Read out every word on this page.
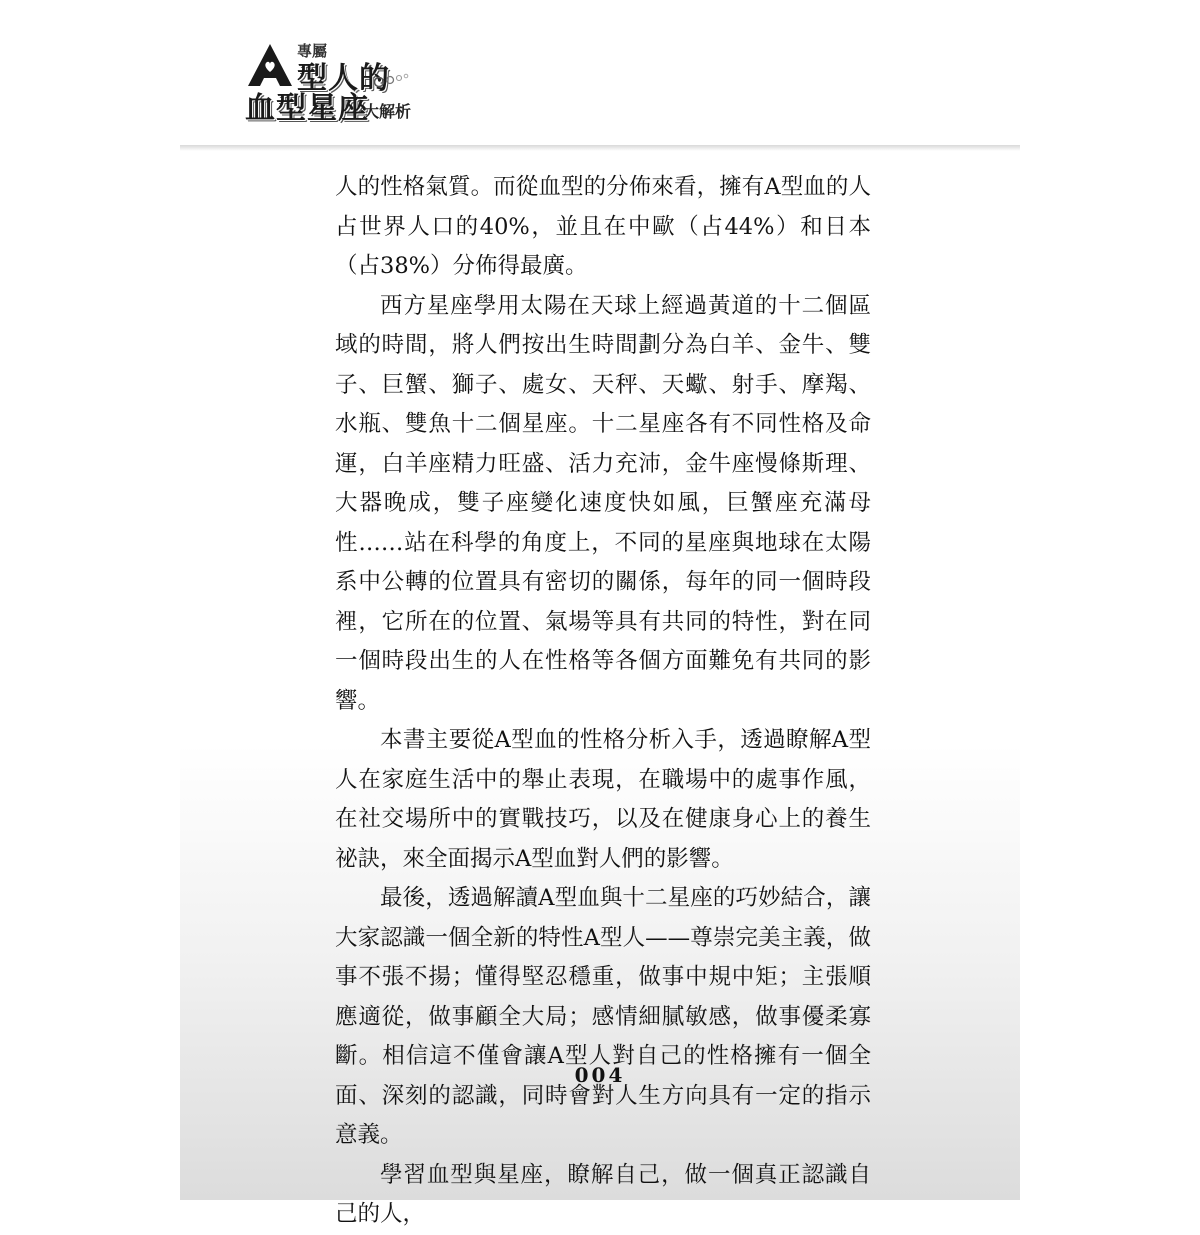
專屬
型人的
血型星座
大解析

人的性格氣質。而從血型的分佈來看，擁有A型血的人占世界人口的40%，並且在中歐（占44%）和日本（占38%）分佈得最廣。

西方星座學用太陽在天球上經過黃道的十二個區域的時間，將人們按出生時間劃分為白羊、金牛、雙子、巨蟹、獅子、處女、天秤、天蠍、射手、摩羯、水瓶、雙魚十二個星座。十二星座各有不同性格及命運，白羊座精力旺盛、活力充沛，金牛座慢條斯理、大器晚成，雙子座變化速度快如風，巨蟹座充滿母性……站在科學的角度上，不同的星座與地球在太陽系中公轉的位置具有密切的關係，每年的同一個時段裡，它所在的位置、氣場等具有共同的特性，對在同一個時段出生的人在性格等各個方面難免有共同的影響。

本書主要從A型血的性格分析入手，透過瞭解A型人在家庭生活中的舉止表現，在職場中的處事作風，在社交場所中的實戰技巧，以及在健康身心上的養生祕訣，來全面揭示A型血對人們的影響。

最後，透過解讀A型血與十二星座的巧妙結合，讓大家認識一個全新的特性A型人——尊崇完美主義，做事不張不揚；懂得堅忍穩重，做事中規中矩；主張順應適從，做事顧全大局；感情細膩敏感，做事優柔寡斷。相信這不僅會讓A型人對自己的性格擁有一個全面、深刻的認識，同時會對人生方向具有一定的指示意義。

學習血型與星座，瞭解自己，做一個真正認識自己的人，

004
